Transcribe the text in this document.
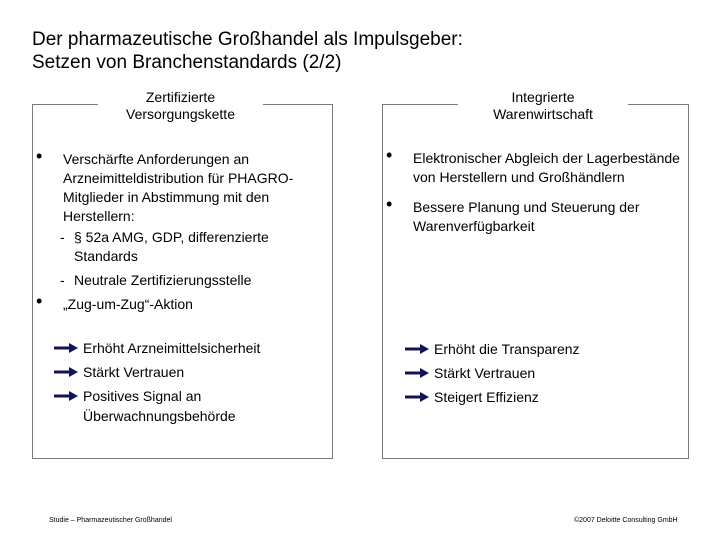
Der pharmazeutische Großhandel als Impulsgeber:
Setzen von Branchenstandards (2/2)
Zertifizierte
Versorgungskette
• Verschärfte Anforderungen an Arzneimitteldistribution für PHAGRO-Mitglieder in Abstimmung mit den Herstellern:
- § 52a AMG, GDP, differenzierte Standards
- Neutrale Zertifizierungsstelle
• „Zug-um-Zug“-Aktion
Erhöht Arzneimittelsicherheit
Stärkt Vertrauen
Positives Signal an Überwachnungsbehörde
Integrierte
Warenwirtschaft
• Elektronischer Abgleich der Lagerbestände von Herstellern und Großhändlern
• Bessere Planung und Steuerung der Warenverfügbarkeit
Erhöht die Transparenz
Stärkt Vertrauen
Steigert Effizienz
Studie – Pharmazeutischer Großhandel	©2007 Deloitte Consulting GmbH
